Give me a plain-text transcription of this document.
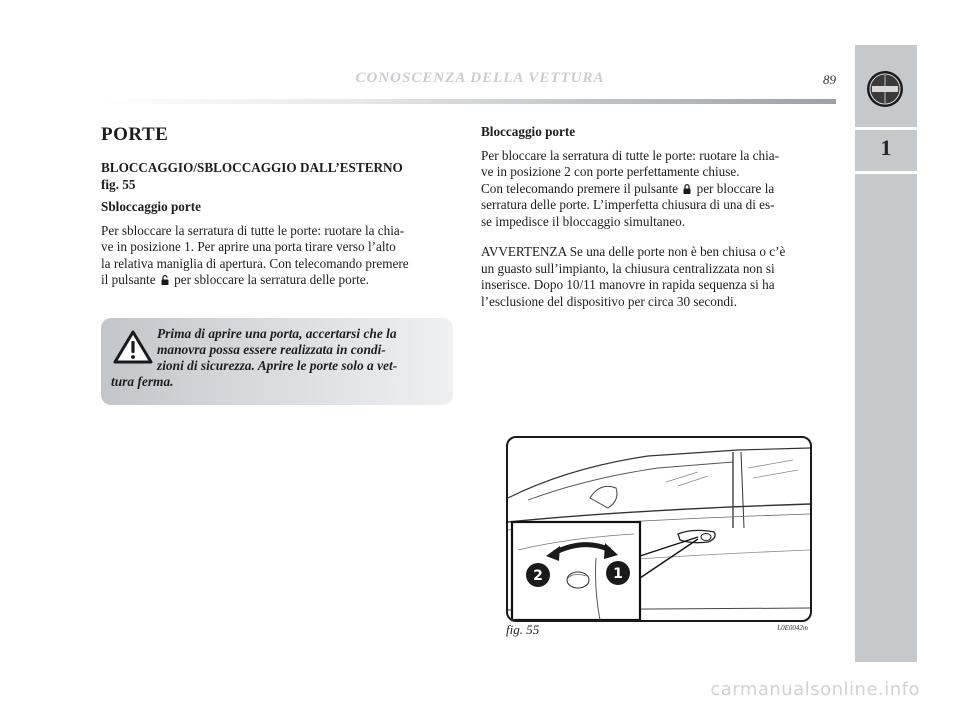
CONOSCENZA DELLA VETTURA	89
1
PORTE
BLOCCAGGIO/SBLOCCAGGIO DALL’ESTERNO
fig. 55
Sbloccaggio porte

Per sbloccare la serratura di tutte le porte: ruotare la chia-

ve in posizione 1. Per aprire una porta tirare verso l’alto

la relativa maniglia di apertura. Con telecomando premere

il pulsante per sbloccare la serratura delle porte.

Prima di aprire una porta, accertarsi che la
manovra possa essere realizzata in condi-
zioni di sicurezza. Aprire le porte solo a vet-
tura ferma.
Bloccaggio porte

Per bloccare la serratura di tutte le porte: ruotare la chia-

ve in posizione 2 con porte perfettamente chiuse.

Con telecomando premere il pulsante per bloccare la

serratura delle porte. L’imperfetta chiusura di una di es-

se impedisce il bloccaggio simultaneo.

AVVERTENZA Se una delle porte non è ben chiusa o c’è

un guasto sull’impianto, la chiusura centralizzata non si

inserisce. Dopo 10/11 manovre in rapida sequenza si ha

l’esclusione del dispositivo per circa 30 secondi.

2	1
fig. 55	L0E0042m
carmanualsonline.info
